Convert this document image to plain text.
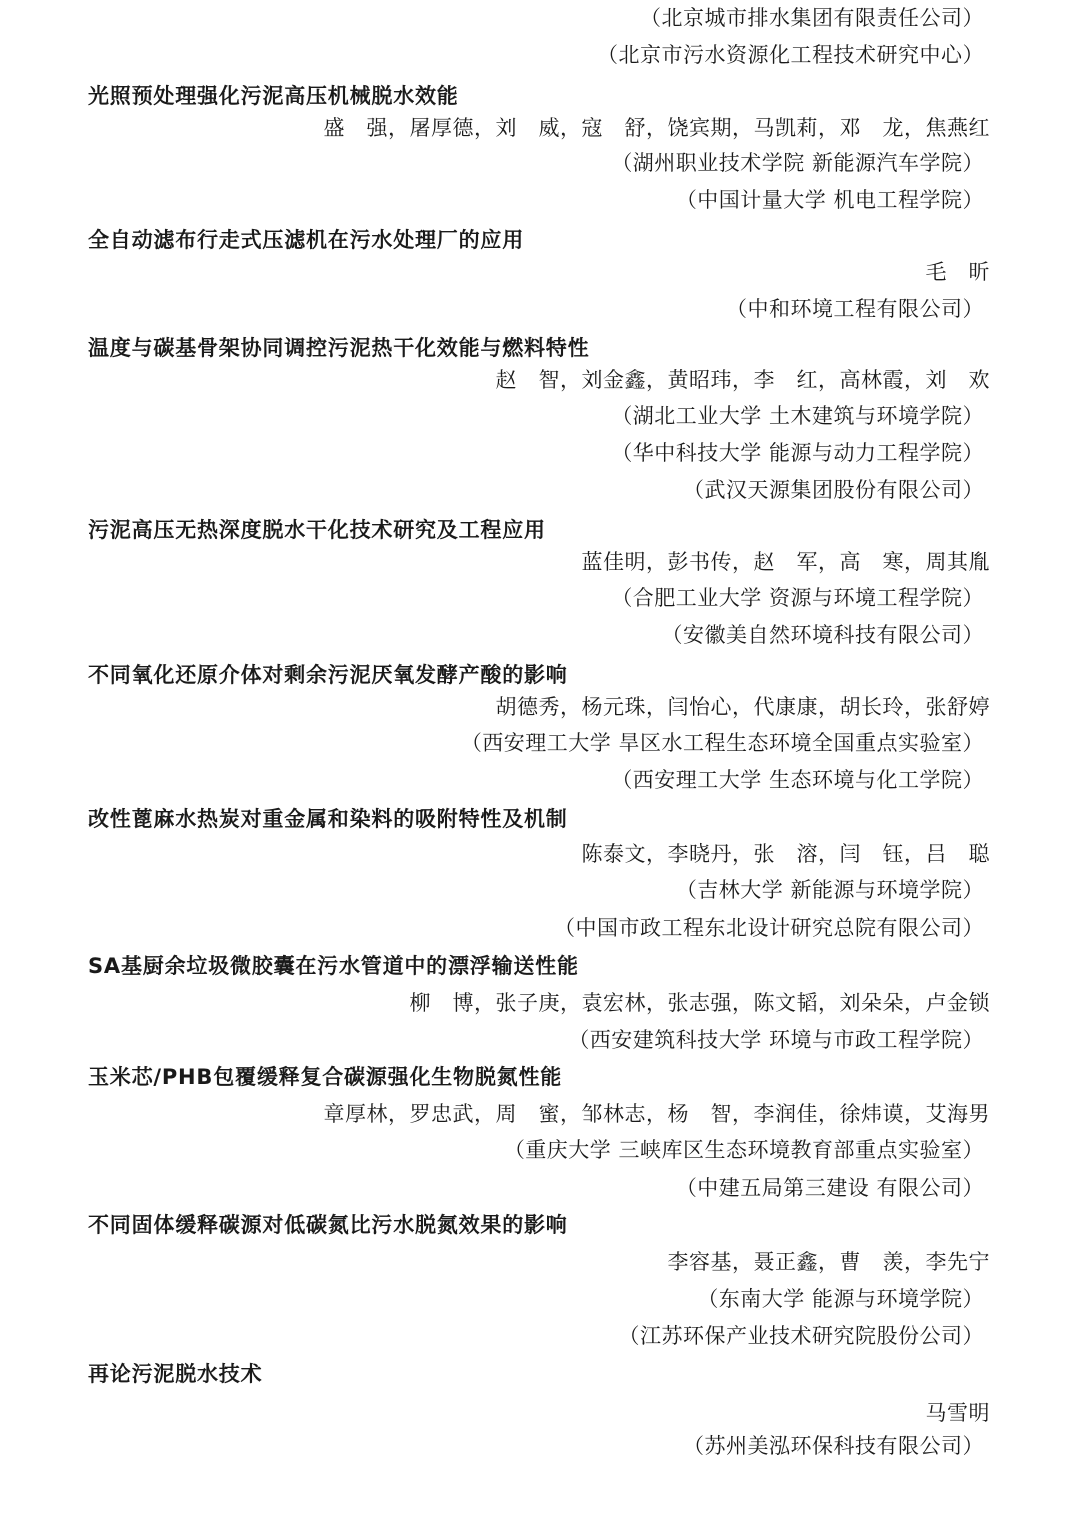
（北京城市排水集团有限责任公司）
（北京市污水资源化工程技术研究中心）
光照预处理强化污泥高压机械脱水效能
盛　强，屠厚德，刘　威，寇　舒，饶宾期，马凯莉，邓　龙，焦燕红
（湖州职业技术学院 新能源汽车学院）
（中国计量大学 机电工程学院）
全自动滤布行走式压滤机在污水处理厂的应用
毛　昕
（中和环境工程有限公司）
温度与碳基骨架协同调控污泥热干化效能与燃料特性
赵　智，刘金鑫，黄昭玮，李　红，高林霞，刘　欢
（湖北工业大学 土木建筑与环境学院）
（华中科技大学 能源与动力工程学院）
（武汉天源集团股份有限公司）
污泥高压无热深度脱水干化技术研究及工程应用
蓝佳明，彭书传，赵　军，高　寒，周其胤
（合肥工业大学 资源与环境工程学院）
（安徽美自然环境科技有限公司）
不同氧化还原介体对剩余污泥厌氧发酵产酸的影响
胡德秀，杨元珠，闫怡心，代康康，胡长玲，张舒婷
（西安理工大学 旱区水工程生态环境全国重点实验室）
（西安理工大学 生态环境与化工学院）
改性蓖麻水热炭对重金属和染料的吸附特性及机制
陈泰文，李晓丹，张　溶，闫　钰，吕　聪
（吉林大学 新能源与环境学院）
（中国市政工程东北设计研究总院有限公司）
SA基厨余垃圾微胶囊在污水管道中的漂浮输送性能
柳　博，张子庚，袁宏林，张志强，陈文韬，刘朵朵，卢金锁
（西安建筑科技大学 环境与市政工程学院）
玉米芯/PHB包覆缓释复合碳源强化生物脱氮性能
章厚林，罗忠武，周　蜜，邹林志，杨　智，李润佳，徐炜谟，艾海男
（重庆大学 三峡库区生态环境教育部重点实验室）
（中建五局第三建设 有限公司）
不同固体缓释碳源对低碳氮比污水脱氮效果的影响
李容基，聂正鑫，曹　羡，李先宁
（东南大学 能源与环境学院）
（江苏环保产业技术研究院股份公司）
再论污泥脱水技术
马雪明
（苏州美泓环保科技有限公司）
